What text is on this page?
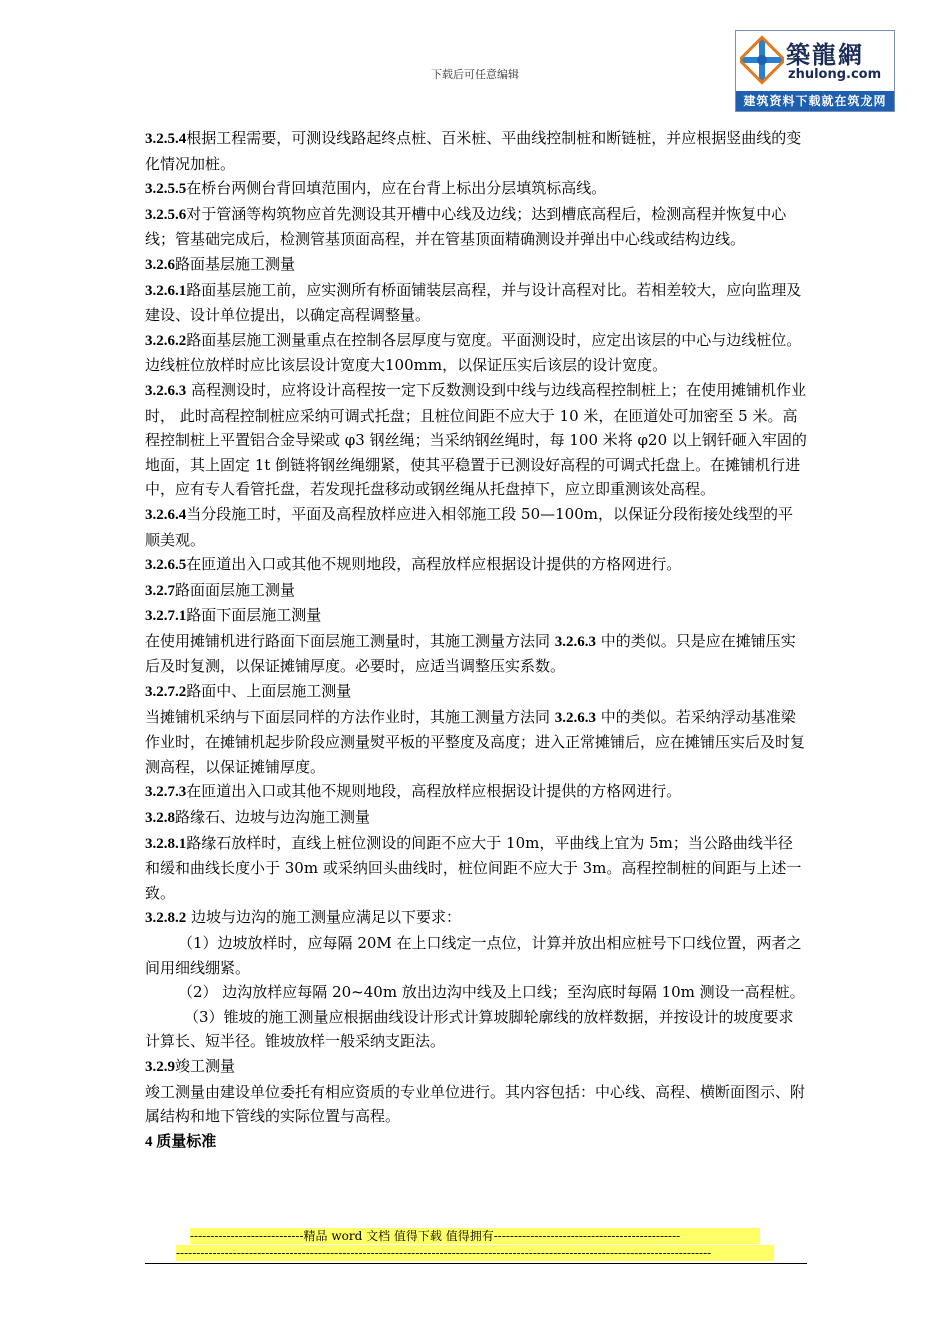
下载后可任意编辑
築龍網
zhulong.com
建筑资料下载就在筑龙网

3.2.5.4根据工程需要，可测设线路起终点桩、百米桩、平曲线控制桩和断链桩，并应根据竖曲线的变化情况加桩。

3.2.5.5在桥台两侧台背回填范围内，应在台背上标出分层填筑标高线。

3.2.5.6对于管涵等构筑物应首先测设其开槽中心线及边线；达到槽底高程后，检测高程并恢复中心线；管基础完成后，检测管基顶面高程，并在管基顶面精确测设并弹出中心线或结构边线。

3.2.6路面基层施工测量

3.2.6.1路面基层施工前，应实测所有桥面铺装层高程，并与设计高程对比。若相差较大，应向监理及建设、设计单位提出，以确定高程调整量。

3.2.6.2路面基层施工测量重点在控制各层厚度与宽度。平面测设时，应定出该层的中心与边线桩位。边线桩位放样时应比该层设计宽度大100mm，以保证压实后该层的设计宽度。

3.2.6.3 高程测设时，应将设计高程按一定下反数测设到中线与边线高程控制桩上；在使用摊铺机作业时， 此时高程控制桩应采纳可调式托盘；且桩位间距不应大于 10 米，在匝道处可加密至 5 米。高程控制桩上平置铝合金导梁或 φ3 钢丝绳；当采纳钢丝绳时，每 100 米将 φ20 以上钢钎砸入牢固的地面，其上固定 1t 倒链将钢丝绳绷紧，使其平稳置于已测设好高程的可调式托盘上。在摊铺机行进中，应有专人看管托盘，若发现托盘移动或钢丝绳从托盘掉下，应立即重测该处高程。

3.2.6.4当分段施工时，平面及高程放样应进入相邻施工段 50—100m，以保证分段衔接处线型的平顺美观。

3.2.6.5在匝道出入口或其他不规则地段，高程放样应根据设计提供的方格网进行。

3.2.7路面面层施工测量

3.2.7.1路面下面层施工测量

在使用摊铺机进行路面下面层施工测量时，其施工测量方法同 3.2.6.3 中的类似。只是应在摊铺压实后及时复测，以保证摊铺厚度。必要时，应适当调整压实系数。

3.2.7.2路面中、上面层施工测量

当摊铺机采纳与下面层同样的方法作业时，其施工测量方法同 3.2.6.3 中的类似。若采纳浮动基准梁作业时，在摊铺机起步阶段应测量熨平板的平整度及高度；进入正常摊铺后，应在摊铺压实后及时复测高程，以保证摊铺厚度。

3.2.7.3在匝道出入口或其他不规则地段，高程放样应根据设计提供的方格网进行。

3.2.8路缘石、边坡与边沟施工测量

3.2.8.1路缘石放样时，直线上桩位测设的间距不应大于 10m，平曲线上宜为 5m；当公路曲线半径和缓和曲线长度小于 30m 或采纳回头曲线时，桩位间距不应大于 3m。高程控制桩的间距与上述一致。

3.2.8.2 边坡与边沟的施工测量应满足以下要求：

（1）边坡放样时，应每隔 20M 在上口线定一点位，计算并放出相应桩号下口线位置，两者之间用细线绷紧。

（2） 边沟放样应每隔 20~40m 放出边沟中线及上口线；至沟底时每隔 10m 测设一高程桩。

（3）锥坡的施工测量应根据曲线设计形式计算坡脚轮廓线的放样数据，并按设计的坡度要求计算长、短半径。锥坡放样一般采纳支距法。

3.2.9竣工测量

竣工测量由建设单位委托有相应资质的专业单位进行。其内容包括：中心线、高程、横断面图示、附属结构和地下管线的实际位置与高程。

4 质量标准

----------------------------精品 word 文档 值得下载 值得拥有----------------------------------------------
------------------------------------------------------------------------------------------------------------------------------------
